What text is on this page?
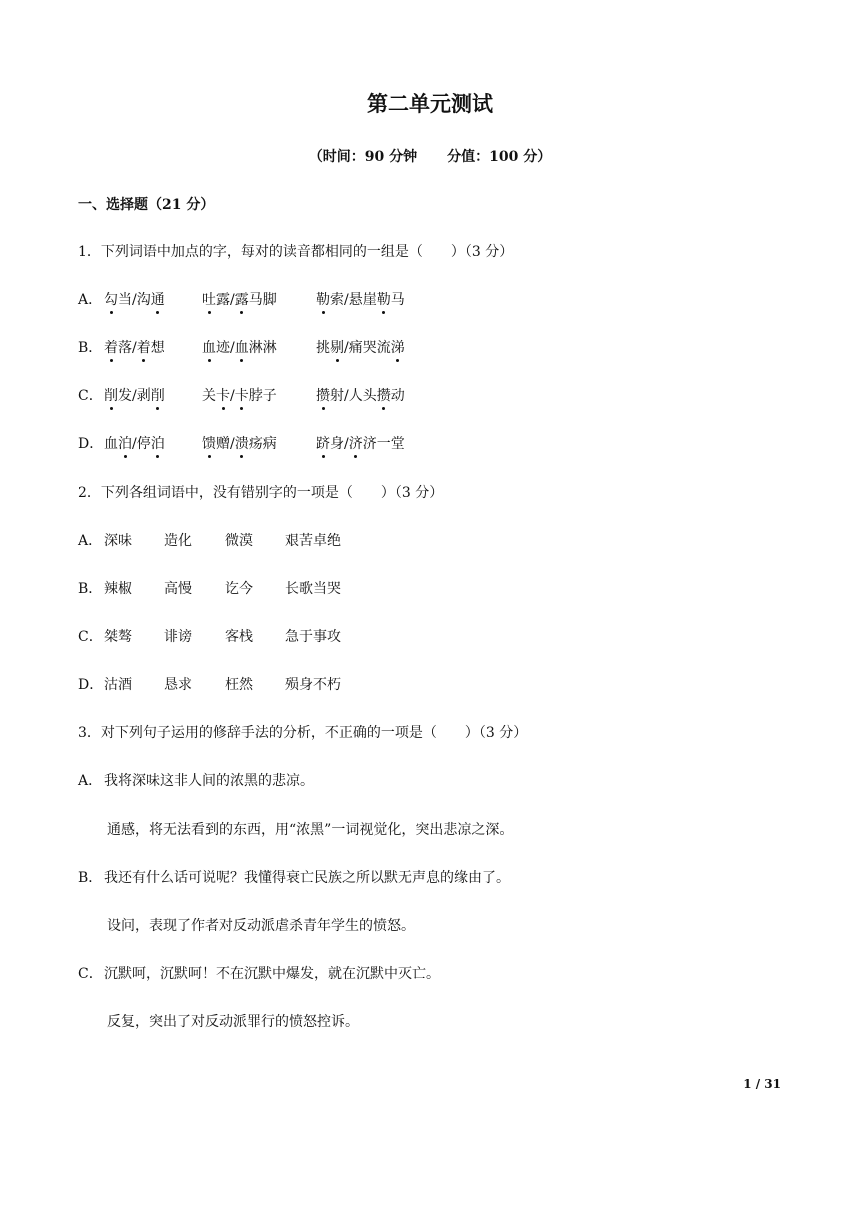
第二单元测试
（时间：90 分钟 分值：100 分）
一、选择题（21 分）
1．下列词语中加点的字，每对的读音都相同的一组是（　　）（3 分）
A． 勾当/沟通	吐露/露马脚	勒索/悬崖勒马
B． 着落/着想	血迹/血淋淋	挑剔/痛哭流涕
C．削发/剥削	关卡/卡脖子	攒射/人头攒动
D．血泊/停泊	馈赠/溃疡病	跻身/济济一堂
2．下列各组词语中，没有错别字的一项是（　　）（3 分）
A． 深味 造化 微漠 艰苦卓绝
B． 辣椒 高慢 讫今 长歌当哭
C．桀骜 诽谤 客栈 急于事攻
D．沽酒 恳求 枉然 殒身不朽
3．对下列句子运用的修辞手法的分析，不正确的一项是（　　）（3 分）
A． 我将深味这非人间的浓黑的悲凉。
通感，将无法看到的东西，用“浓黑”一词视觉化，突出悲凉之深。
B． 我还有什么话可说呢？我懂得衰亡民族之所以默无声息的缘由了。
设问，表现了作者对反动派虐杀青年学生的愤怒。
C．沉默呵，沉默呵！不在沉默中爆发，就在沉默中灭亡。
反复，突出了对反动派罪行的愤怒控诉。
1 / 31
